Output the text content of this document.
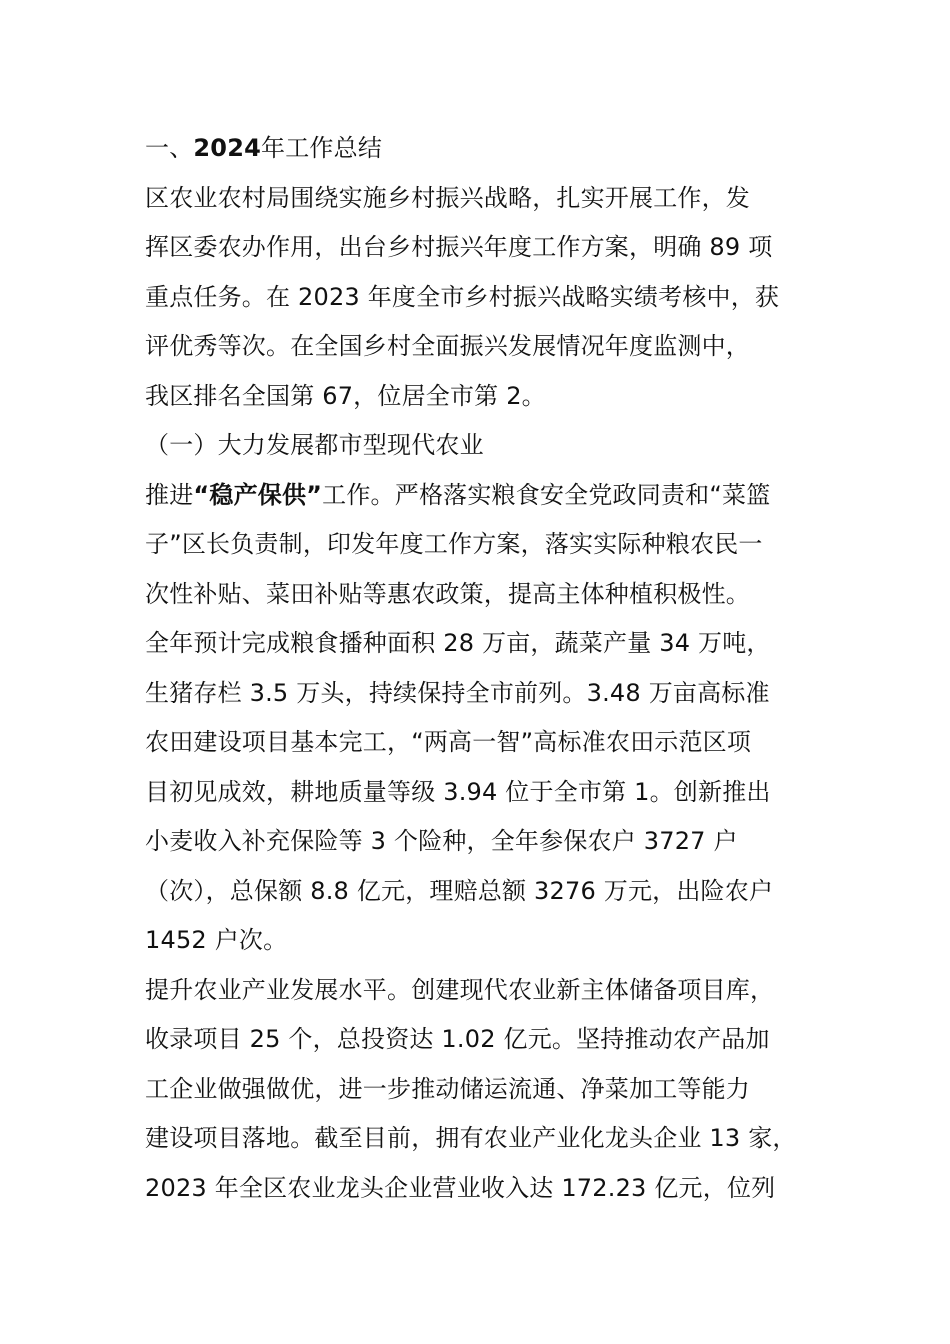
一、2024年工作总结
区农业农村局围绕实施乡村振兴战略，扎实开展工作，发
挥区委农办作用，出台乡村振兴年度工作方案，明确 89 项
重点任务。在 2023 年度全市乡村振兴战略实绩考核中，获
评优秀等次。在全国乡村全面振兴发展情况年度监测中，
我区排名全国第 67，位居全市第 2。
（一）大力发展都市型现代农业
推进“稳产保供”工作。严格落实粮食安全党政同责和“菜篮
子”区长负责制，印发年度工作方案，落实实际种粮农民一
次性补贴、菜田补贴等惠农政策，提高主体种植积极性。
全年预计完成粮食播种面积 28 万亩，蔬菜产量 34 万吨，
生猪存栏 3.5 万头，持续保持全市前列。3.48 万亩高标准
农田建设项目基本完工，“两高一智”高标准农田示范区项
目初见成效，耕地质量等级 3.94 位于全市第 1。创新推出
小麦收入补充保险等 3 个险种，全年参保农户 3727 户
（次），总保额 8.8 亿元，理赔总额 3276 万元，出险农户
1452 户次。
提升农业产业发展水平。创建现代农业新主体储备项目库，
收录项目 25 个，总投资达 1.02 亿元。坚持推动农产品加
工企业做强做优，进一步推动储运流通、净菜加工等能力
建设项目落地。截至目前，拥有农业产业化龙头企业 13 家，
2023 年全区农业龙头企业营业收入达 172.23 亿元，位列
